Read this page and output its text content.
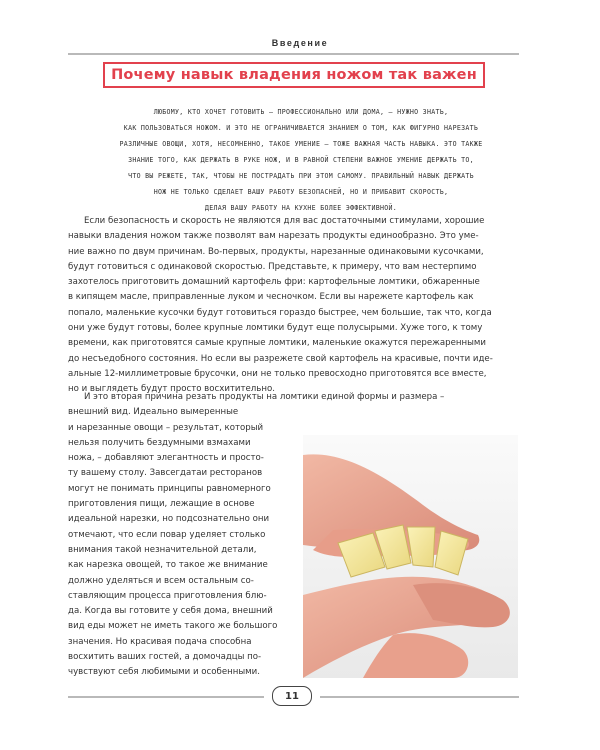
Введение
Почему навык владения ножом так важен
ЛЮБОМУ, КТО ХОЧЕТ ГОТОВИТЬ – ПРОФЕССИОНАЛЬНО ИЛИ ДОМА, – НУЖНО ЗНАТЬ,
КАК ПОЛЬЗОВАТЬСЯ НОЖОМ. И ЭТО НЕ ОГРАНИЧИВАЕТСЯ ЗНАНИЕМ О ТОМ, КАК ФИГУРНО НАРЕЗАТЬ
РАЗЛИЧНЫЕ ОВОЩИ, ХОТЯ, НЕСОМНЕННО, ТАКОЕ УМЕНИЕ – ТОЖЕ ВАЖНАЯ ЧАСТЬ НАВЫКА. ЭТО ТАКЖЕ
ЗНАНИЕ ТОГО, КАК ДЕРЖАТЬ В РУКЕ НОЖ, И В РАВНОЙ СТЕПЕНИ ВАЖНОЕ УМЕНИЕ ДЕРЖАТЬ ТО,
ЧТО ВЫ РЕЖЕТЕ, ТАК, ЧТОБЫ НЕ ПОСТРАДАТЬ ПРИ ЭТОМ САМОМУ. ПРАВИЛЬНЫЙ НАВЫК ДЕРЖАТЬ
НОЖ НЕ ТОЛЬКО СДЕЛАЕТ ВАШУ РАБОТУ БЕЗОПАСНЕЙ, НО И ПРИБАВИТ СКОРОСТЬ,
ДЕЛАЯ ВАШУ РАБОТУ НА КУХНЕ БОЛЕЕ ЭФФЕКТИВНОЙ.
Если безопасность и скорость не являются для вас достаточными стимулами, хорошие
навыки владения ножом также позволят вам нарезать продукты единообразно. Это уме-
ние важно по двум причинам. Во-первых, продукты, нарезанные одинаковыми кусочками,
будут готовиться с одинаковой скоростью. Представьте, к примеру, что вам нестерпимо
захотелось приготовить домашний картофель фри: картофельные ломтики, обжаренные
в кипящем масле, приправленные луком и чесночком. Если вы нарежете картофель как
попало, маленькие кусочки будут готовиться гораздо быстрее, чем большие, так что, когда
они уже будут готовы, более крупные ломтики будут еще полусырыми. Хуже того, к тому
времени, как приготовятся самые крупные ломтики, маленькие окажутся пережаренными
до несъедобного состояния. Но если вы разрежете свой картофель на красивые, почти иде-
альные 12-миллиметровые брусочки, они не только превосходно приготовятся все вместе,
но и выглядеть будут просто восхитительно.
И это вторая причина резать продукты на ломтики единой формы и размера –
внешний вид. Идеально вымеренные
и нарезанные овощи – результат, который
нельзя получить бездумными взмахами
ножа, – добавляют элегантность и просто-
ту вашему столу. Завсегдатаи ресторанов
могут не понимать принципы равномерного
приготовления пищи, лежащие в основе
идеальной нарезки, но подсознательно они
отмечают, что если повар уделяет столько
внимания такой незначительной детали,
как нарезка овощей, то такое же внимание
должно уделяться и всем остальным со-
ставляющим процесса приготовления блю-
да. Когда вы готовите у себя дома, внешний
вид еды может не иметь такого же большого
значения. Но красивая подача способна
восхитить ваших гостей, а домочадцы по-
чувствуют себя любимыми и особенными.
11
